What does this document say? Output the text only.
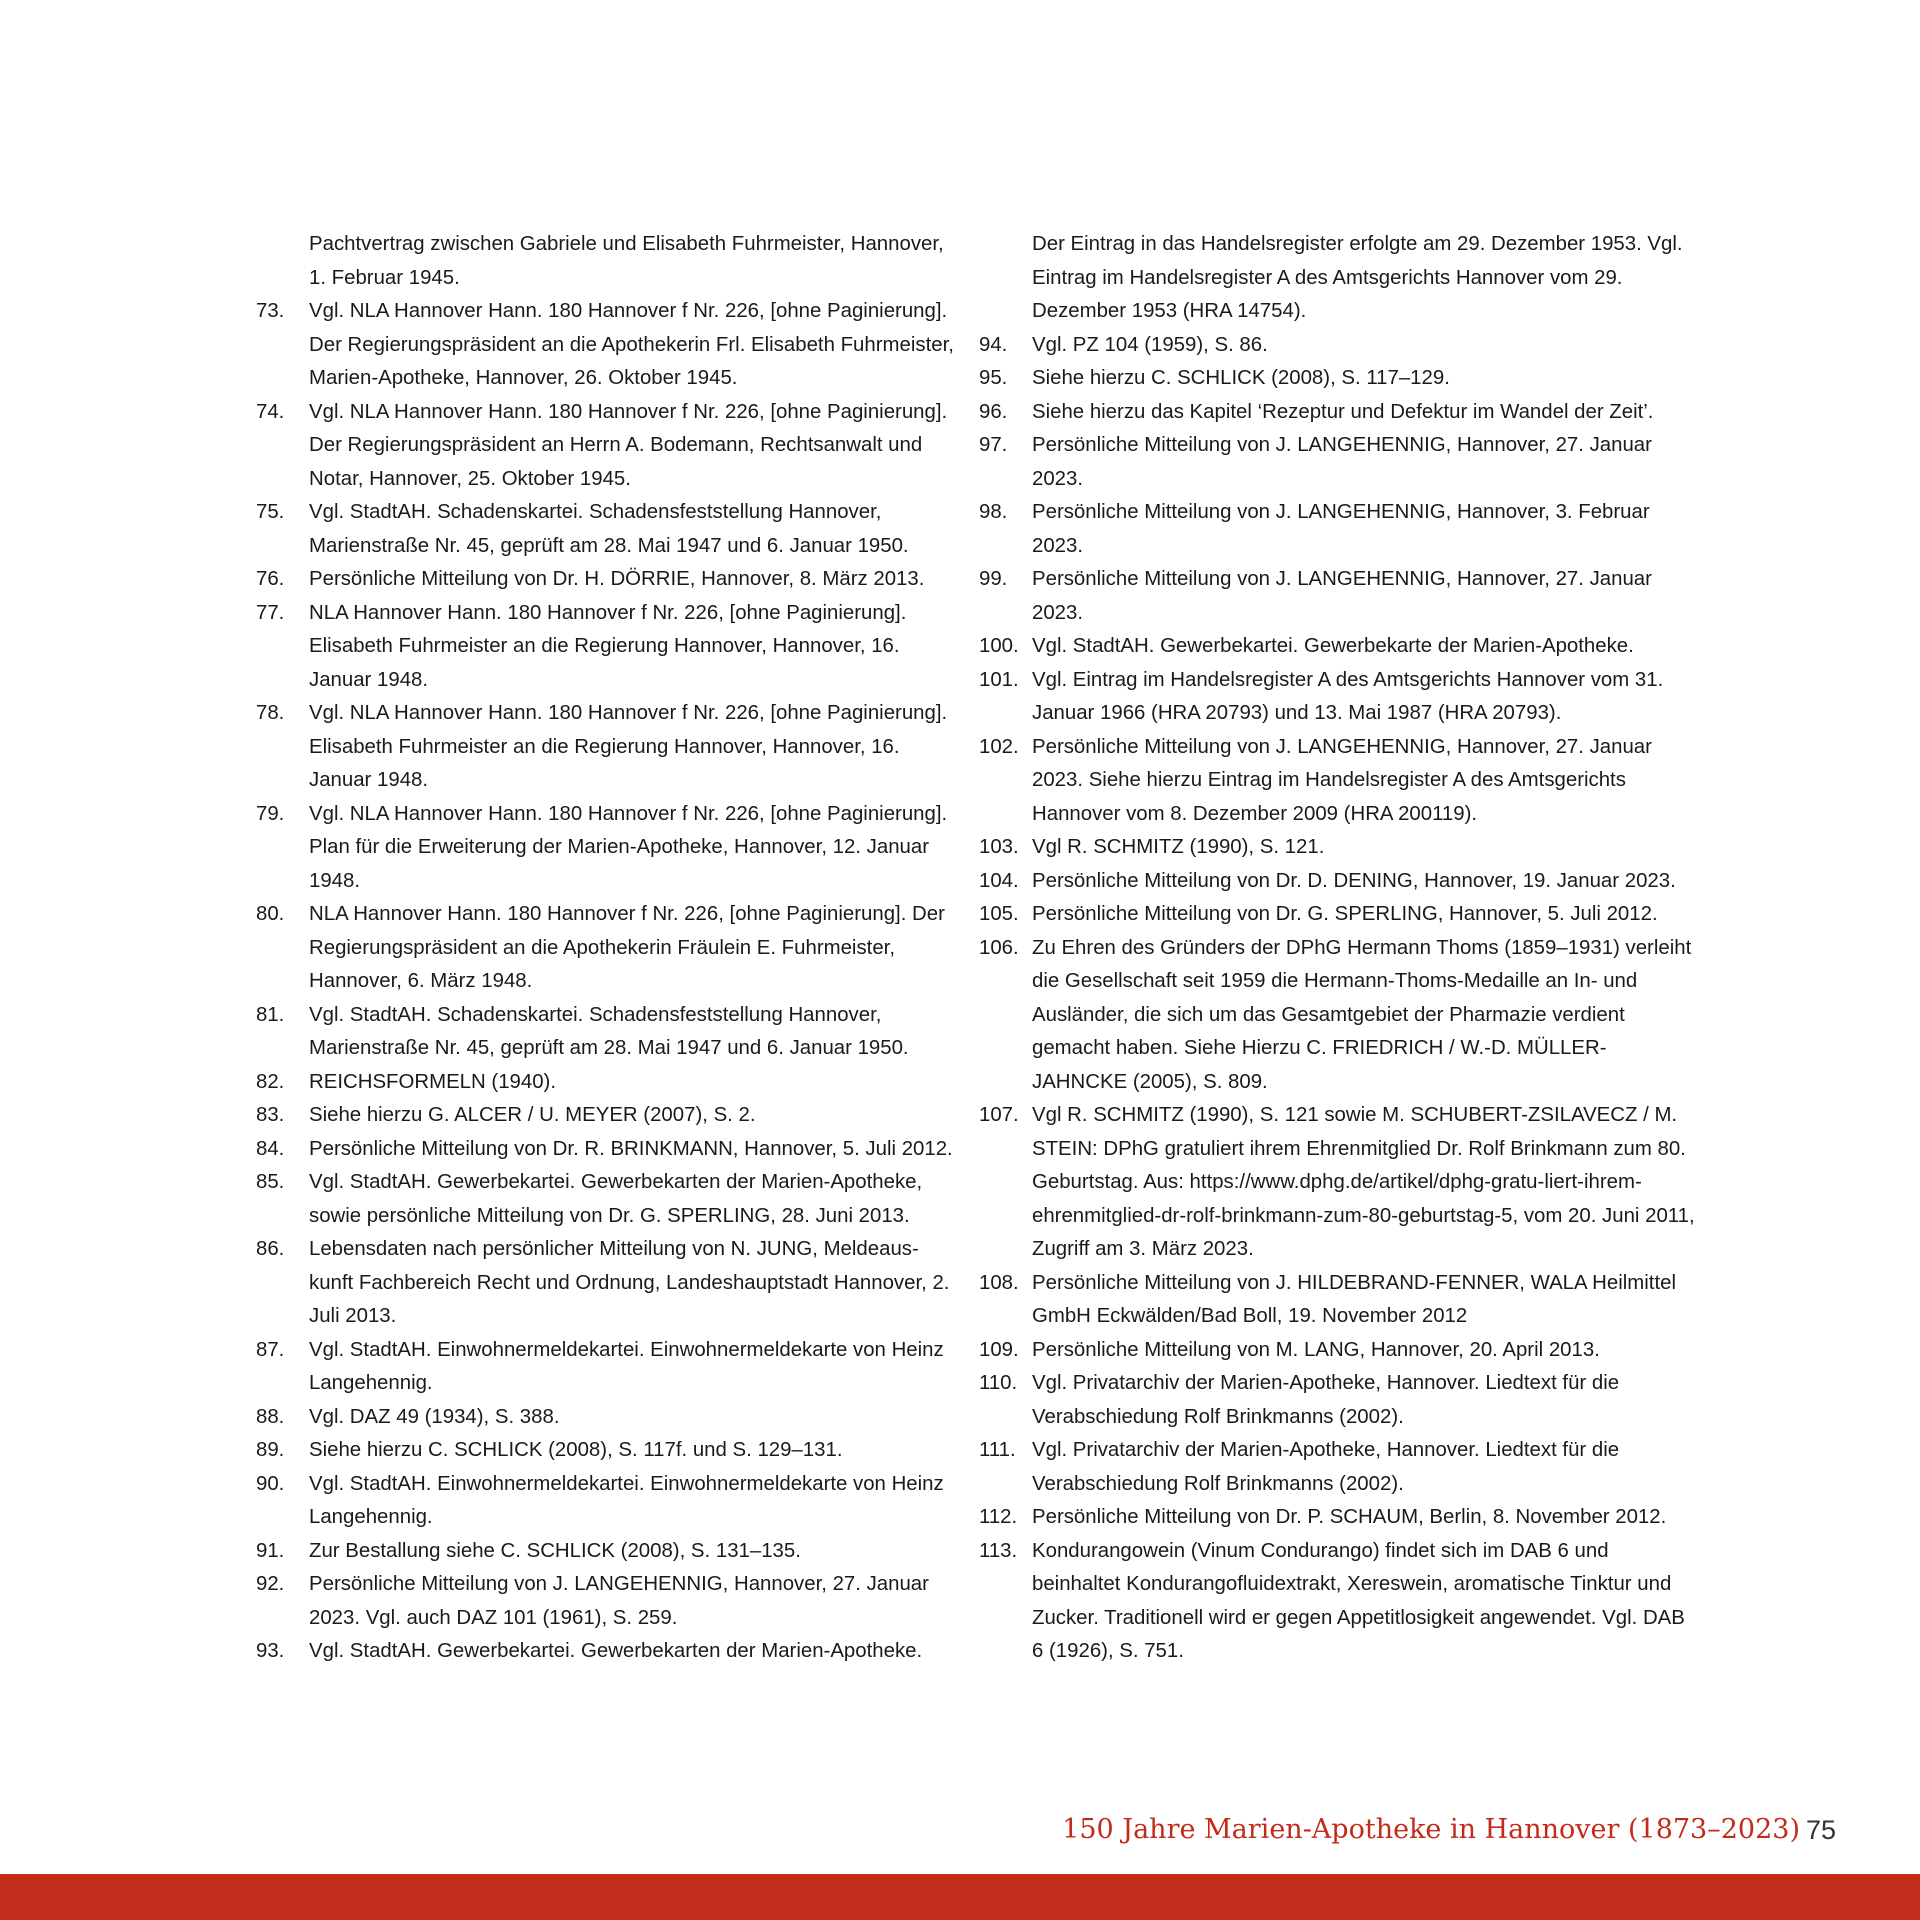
Pachtvertrag zwischen Gabriele und Elisabeth Fuhrmeister, Hannover, 1. Februar 1945.
73. Vgl. NLA Hannover Hann. 180 Hannover f Nr. 226, [ohne Paginierung]. Der Regierungspräsident an die Apothekerin Frl. Elisabeth Fuhrmeister, Marien-Apotheke, Hannover, 26. Oktober 1945.
74. Vgl. NLA Hannover Hann. 180 Hannover f Nr. 226, [ohne Paginierung]. Der Regierungspräsident an Herrn A. Bodemann, Rechtsanwalt und Notar, Hannover, 25. Oktober 1945.
75. Vgl. StadtAH. Schadenskartei. Schadensfeststellung Hannover, Marienstraße Nr. 45, geprüft am 28. Mai 1947 und 6. Januar 1950.
76. Persönliche Mitteilung von Dr. H. DÖRRIE, Hannover, 8. März 2013.
77. NLA Hannover Hann. 180 Hannover f Nr. 226, [ohne Paginierung]. Elisabeth Fuhrmeister an die Regierung Hannover, Hannover, 16. Januar 1948.
78. Vgl. NLA Hannover Hann. 180 Hannover f Nr. 226, [ohne Paginierung]. Elisabeth Fuhrmeister an die Regierung Hannover, Hannover, 16. Januar 1948.
79. Vgl. NLA Hannover Hann. 180 Hannover f Nr. 226, [ohne Paginierung]. Plan für die Erweiterung der Marien-Apotheke, Hannover, 12. Januar 1948.
80. NLA Hannover Hann. 180 Hannover f Nr. 226, [ohne Paginierung]. Der Regierungspräsident an die Apothekerin Fräulein E. Fuhrmeister, Hannover, 6. März 1948.
81. Vgl. StadtAH. Schadenskartei. Schadensfeststellung Hannover, Marienstraße Nr. 45, geprüft am 28. Mai 1947 und 6. Januar 1950.
82. REICHSFORMELN (1940).
83. Siehe hierzu G. ALCER / U. MEYER (2007), S. 2.
84. Persönliche Mitteilung von Dr. R. BRINKMANN, Hannover, 5. Juli 2012.
85. Vgl. StadtAH. Gewerbekartei. Gewerbekarten der Marien-Apotheke, sowie persönliche Mitteilung von Dr. G. SPERLING, 28. Juni 2013.
86. Lebensdaten nach persönlicher Mitteilung von N. JUNG, Meldeaus-kunft Fachbereich Recht und Ordnung, Landeshauptstadt Hannover, 2. Juli 2013.
87. Vgl. StadtAH. Einwohnermeldekartei. Einwohnermeldekarte von Heinz Langehennig.
88. Vgl. DAZ 49 (1934), S. 388.
89. Siehe hierzu C. SCHLICK (2008), S. 117f. und S. 129–131.
90. Vgl. StadtAH. Einwohnermeldekartei. Einwohnermeldekarte von Heinz Langehennig.
91. Zur Bestallung siehe C. SCHLICK (2008), S. 131–135.
92. Persönliche Mitteilung von J. LANGEHENNIG, Hannover, 27. Januar 2023. Vgl. auch DAZ 101 (1961), S. 259.
93. Vgl. StadtAH. Gewerbekartei. Gewerbekarten der Marien-Apotheke.
Der Eintrag in das Handelsregister erfolgte am 29. Dezember 1953. Vgl. Eintrag im Handelsregister A des Amtsgerichts Hannover vom 29. Dezember 1953 (HRA 14754).
94. Vgl. PZ 104 (1959), S. 86.
95. Siehe hierzu C. SCHLICK (2008), S. 117–129.
96. Siehe hierzu das Kapitel ‘Rezeptur und Defektur im Wandel der Zeit’.
97. Persönliche Mitteilung von J. LANGEHENNIG, Hannover, 27. Januar 2023.
98. Persönliche Mitteilung von J. LANGEHENNIG, Hannover, 3. Februar 2023.
99. Persönliche Mitteilung von J. LANGEHENNIG, Hannover, 27. Januar 2023.
100. Vgl. StadtAH. Gewerbekartei. Gewerbekarte der Marien-Apotheke.
101. Vgl. Eintrag im Handelsregister A des Amtsgerichts Hannover vom 31. Januar 1966 (HRA 20793) und 13. Mai 1987 (HRA 20793).
102. Persönliche Mitteilung von J. LANGEHENNIG, Hannover, 27. Januar 2023. Siehe hierzu Eintrag im Handelsregister A des Amtsgerichts Hannover vom 8. Dezember 2009 (HRA 200119).
103. Vgl R. SCHMITZ (1990), S. 121.
104. Persönliche Mitteilung von Dr. D. DENING, Hannover, 19. Januar 2023.
105. Persönliche Mitteilung von Dr. G. SPERLING, Hannover, 5. Juli 2012.
106. Zu Ehren des Gründers der DPhG Hermann Thoms (1859–1931) verleiht die Gesellschaft seit 1959 die Hermann-Thoms-Medaille an In- und Ausländer, die sich um das Gesamtgebiet der Pharmazie verdient gemacht haben. Siehe Hierzu C. FRIEDRICH / W.-D. MÜLLER-JAHNCKE (2005), S. 809.
107. Vgl R. SCHMITZ (1990), S. 121 sowie M. SCHUBERT-ZSILAVECZ / M. STEIN: DPhG gratuliert ihrem Ehrenmitglied Dr. Rolf Brinkmann zum 80. Geburtstag. Aus: https://www.dphg.de/artikel/dphg-gratu-liert-ihrem-ehrenmitglied-dr-rolf-brinkmann-zum-80-geburtstag-5, vom 20. Juni 2011, Zugriff am 3. März 2023.
108. Persönliche Mitteilung von J. HILDEBRAND-FENNER, WALA Heilmittel GmbH Eckwälden/Bad Boll, 19. November 2012
109. Persönliche Mitteilung von M. LANG, Hannover, 20. April 2013.
110. Vgl. Privatarchiv der Marien-Apotheke, Hannover. Liedtext für die Verabschiedung Rolf Brinkmanns (2002).
111. Vgl. Privatarchiv der Marien-Apotheke, Hannover. Liedtext für die Verabschiedung Rolf Brinkmanns (2002).
112. Persönliche Mitteilung von Dr. P. SCHAUM, Berlin, 8. November 2012.
113. Kondurangowein (Vinum Condurango) findet sich im DAB 6 und beinhaltet Kondurangofluidextrakt, Xereswein, aromatische Tinktur und Zucker. Traditionell wird er gegen Appetitlosigkeit angewendet. Vgl. DAB 6 (1926), S. 751.
150 Jahre Marien-Apotheke in Hannover (1873–2023) 75
